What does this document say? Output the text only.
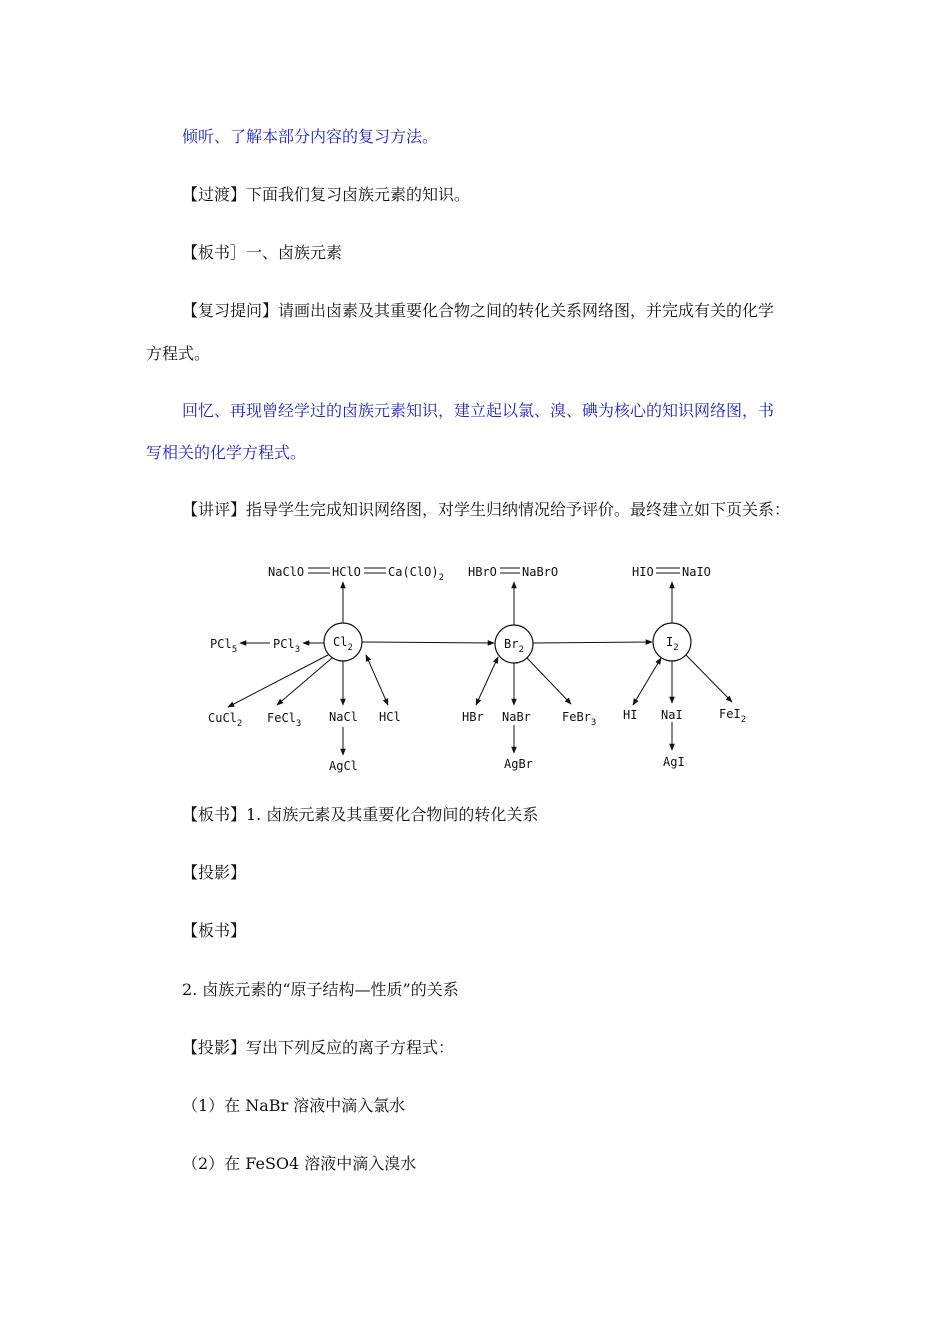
倾听、了解本部分内容的复习方法。
【过渡】下面我们复习卤族元素的知识。
【板书］一、卤族元素
【复习提问】请画出卤素及其重要化合物之间的转化关系网络图，并完成有关的化学
方程式。
回忆、再现曾经学过的卤族元素知识，建立起以氯、溴、碘为核心的知识网络图，书
写相关的化学方程式。
【讲评】指导学生完成知识网络图，对学生归纳情况给予评价。最终建立如下页关系：
NaClO HClO $Ca(ClO)_2$ HBrO NaBrO	HIO NaIO
$Cl_2$	$Br_2$
$I_2$
PCl$_3$
PCl$_5$
CuCl$_2$ FeCl$_3$ NaCl HCl
AgCl
HBr NaBr	FeBr$_3$
AgBr
HI NaI	FeI$_2$
AgI
【板书】1. 卤族元素及其重要化合物间的转化关系
【投影】
【板书】
2. 卤族元素的“原子结构—性质”的关系
【投影】写出下列反应的离子方程式：
（1）在 NaBr 溶液中滴入氯水
（2）在 FeSO4 溶液中滴入溴水
